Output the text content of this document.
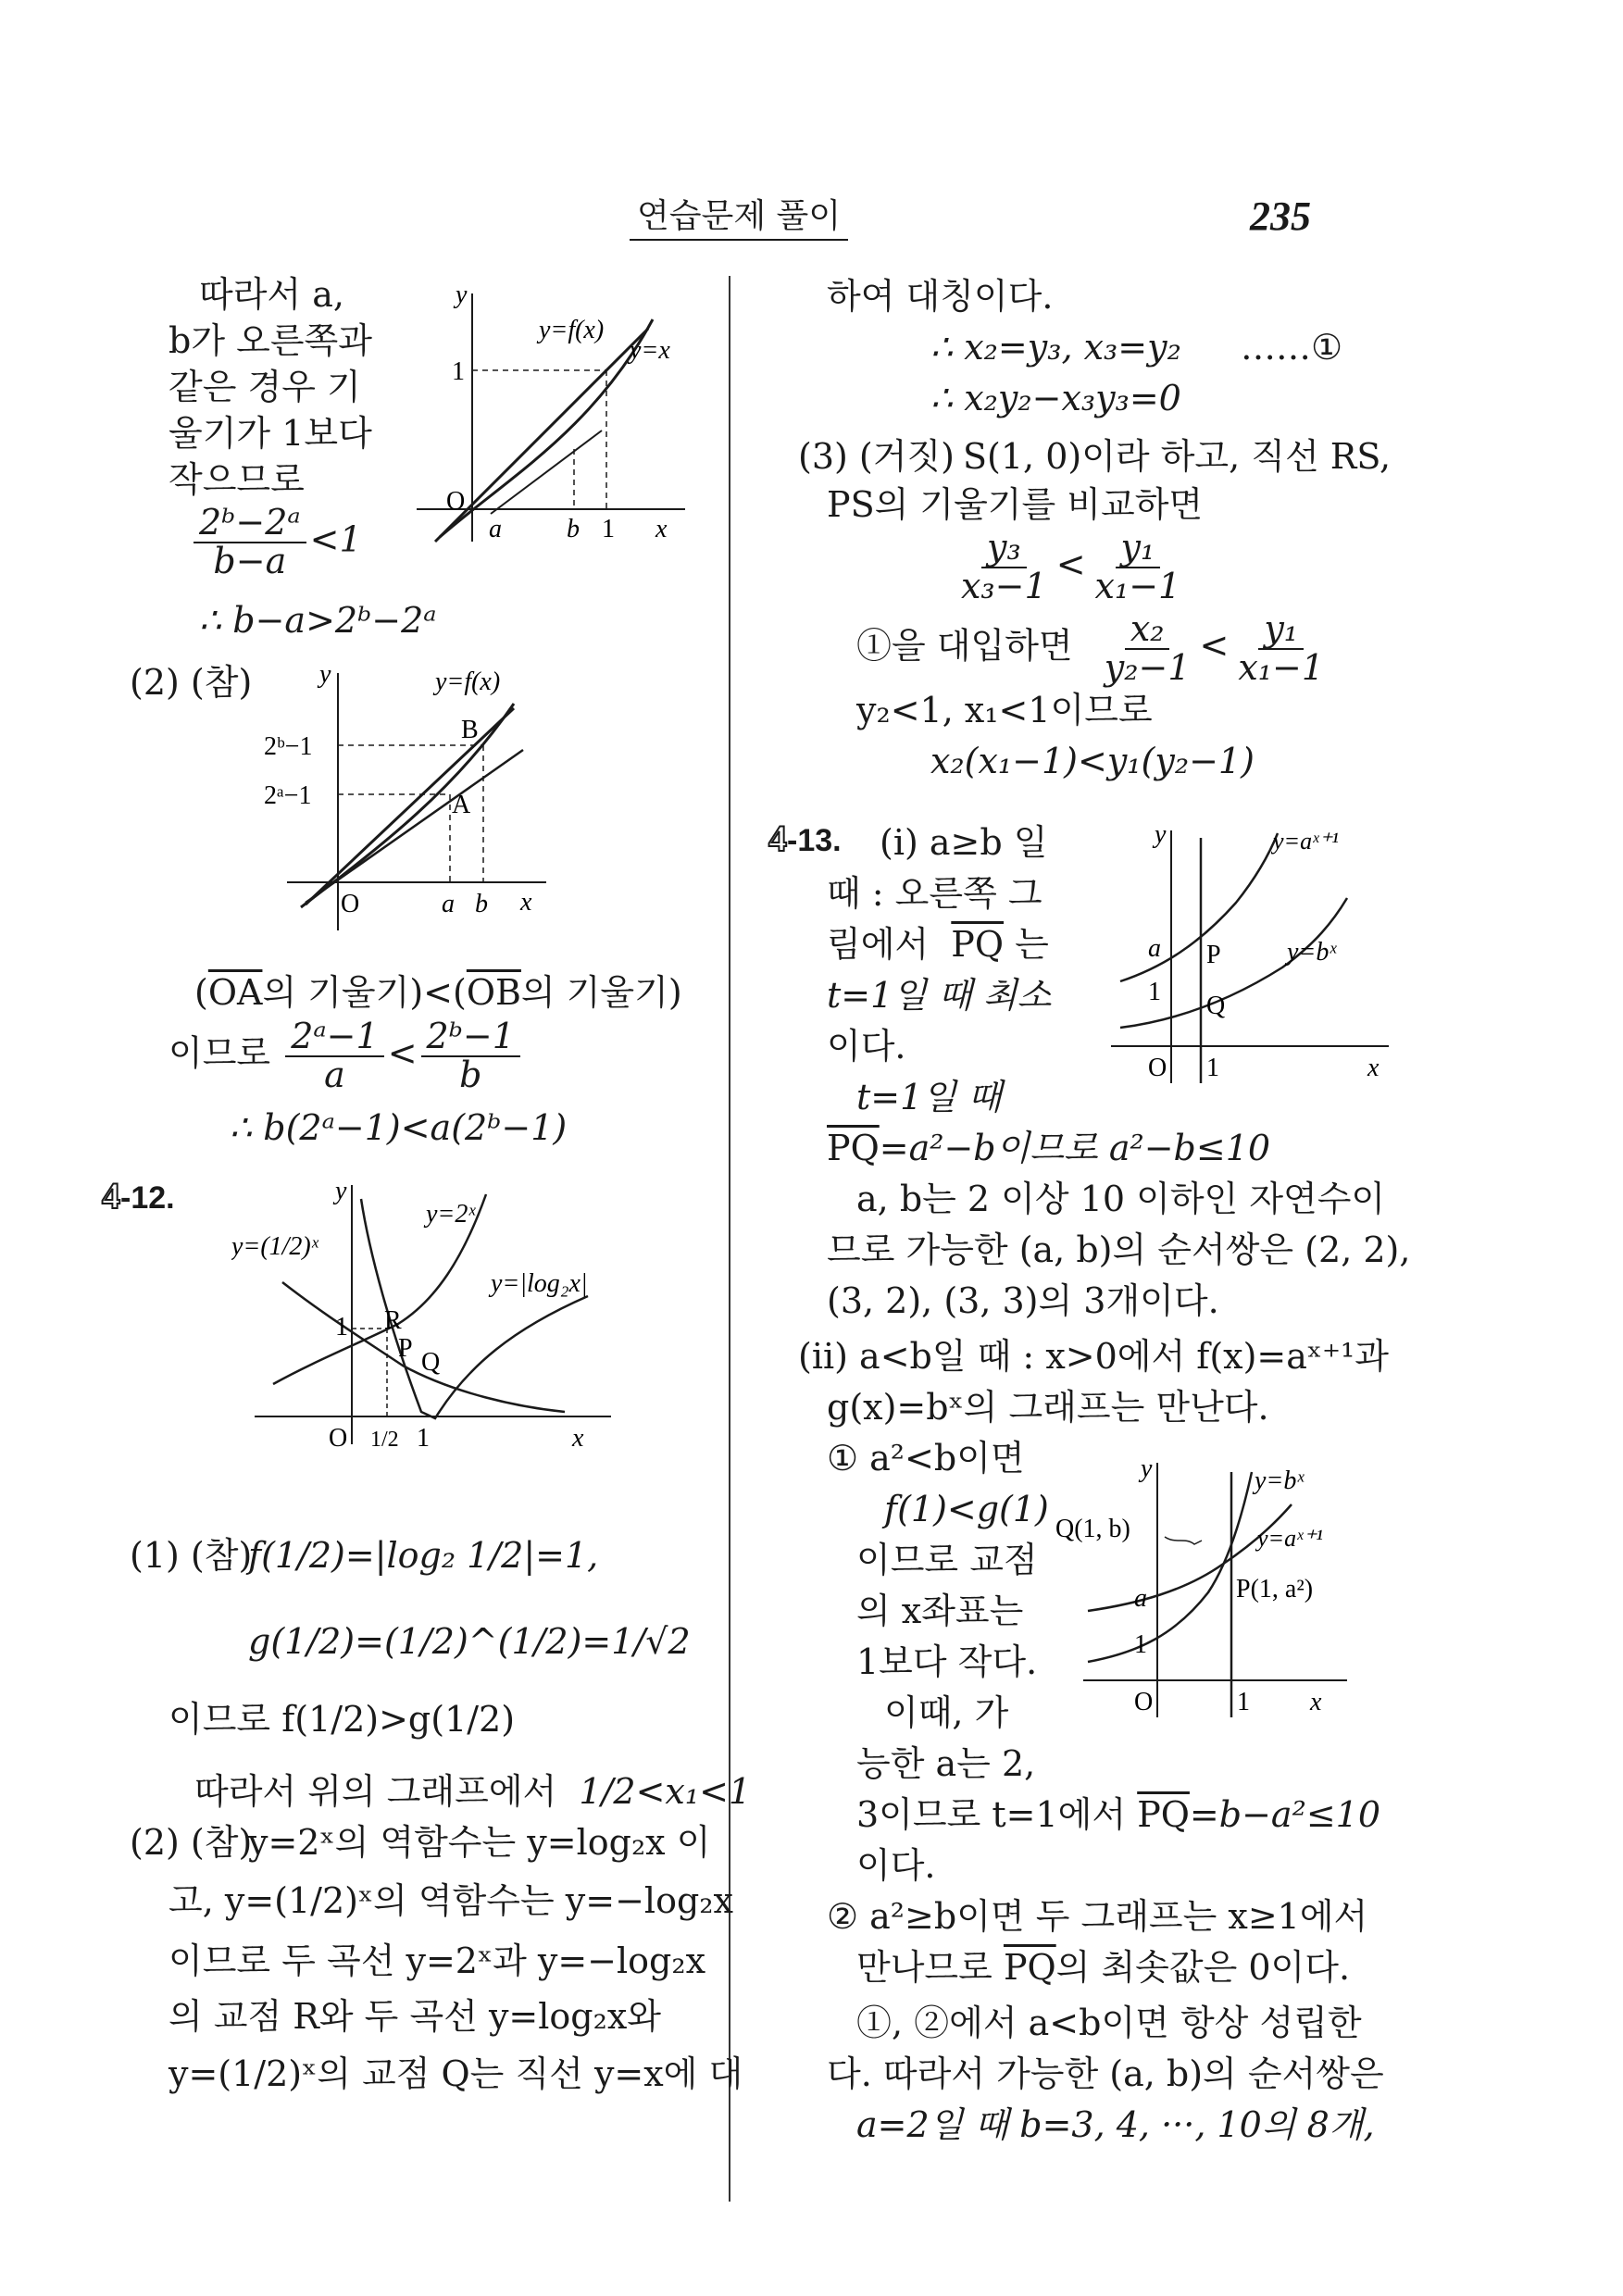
연습문제 풀이	235
따라서 a,
b가 오른쪽과
같은 경우 기
울기가 1보다
작으므로
$\frac{\text{2ᵇ−2ᵃ}}{b-a} <1$
∴ b−a>2ᵇ−2ᵃ
y
x
O
y=f(x)
y=x
1
a	b 1
(2) (참)	y
x
O
y=f(x)
2ᵇ−1
2ᵃ−1
B
A
a b
($\overline{OA}$의 기울기)$<(\overline{OB}$의 기울기)
이므로 $\frac{\text{2ᵃ−1}}{a} < \frac{\text{2ᵇ−1}}{b}$
∴ b(2ᵃ−1)<a(2ᵇ−1)
4-12.	y
x
O
y=(1/2)ˣ
y=2ˣ
y=|log₂x|
1 R
P Q
1/2 1
(1) (참)
f(1/2)=|log₂ 1/2|=1,
g(1/2)=(1/2)^(1/2)=1/√2
이므로 f(1/2)>g(1/2)
따라서 위의 그래프에서 1/2<x₁<1
(2) (참)
y=2ˣ의 역함수는 y=log₂x 이
고, y=(1/2)ˣ의 역함수는 y=−log₂x
이므로 두 곡선 y=2ˣ과 y=−log₂x
의 교점 R와 두 곡선 y=log₂x와
y=(1/2)ˣ의 교점 Q는 직선 y=x에 대
하여 대칭이다.
∴ x₂=y₃, x₃=y₂ ……①
∴ x₂y₂−x₃y₃=0
(3) (거짓) S(1, 0)이라 하고, 직선 RS,
PS의 기울기를 비교하면
$\frac{\text{y₃}}{\text{x₃−1}} < \frac{\text{y₁}}{\text{x₁−1}}$
①을 대입하면 $\frac{\text{x₂}}{\text{y₂−1}} < \frac{\text{y₁}}{\text{x₁−1}}$
y₂<1, x₁<1이므로
x₂(x₁−1)<y₁(y₂−1)
4-13. (i) a≥b 일
때 : 오른쪽 그
림에서 $\overline{PQ}$ 는
t=1일 때 최소
이다.
t=1일 때
$\overline{PQ}=a^2-b$이므로 a²−b≤10
a, b는 2 이상 10 이하인 자연수이
므로 가능한 (a, b)의 순서쌍은 (2, 2),
(3, 2), (3, 3)의 3개이다.
y
x
O
y=aˣ⁺¹
y=bˣ
a
1
P
Q
1
(ii) a<b일 때 : x>0에서 f(x)=aˣ⁺¹과
g(x)=bˣ의 그래프는 만난다.
① a²<b이면
f(1)<g(1)
이므로 교점
의 x좌표는
1보다 작다.
이때, 가
능한 a는 2,
3이므로 t=1에서 $\overline{PQ}=b-a^2\le 10$
이다.
y
x
O
y=bˣ
y=aˣ⁺¹
Q(1, b)
P(1, a²)
a
1
1
② a²≥b이면 두 그래프는 x≥1에서
만나므로 $\overline{PQ}$의 최솟값은 0이다.
①, ②에서 a<b이면 항상 성립한
다. 따라서 가능한 (a, b)의 순서쌍은
a=2일 때 b=3, 4, ···, 10의 8개,
